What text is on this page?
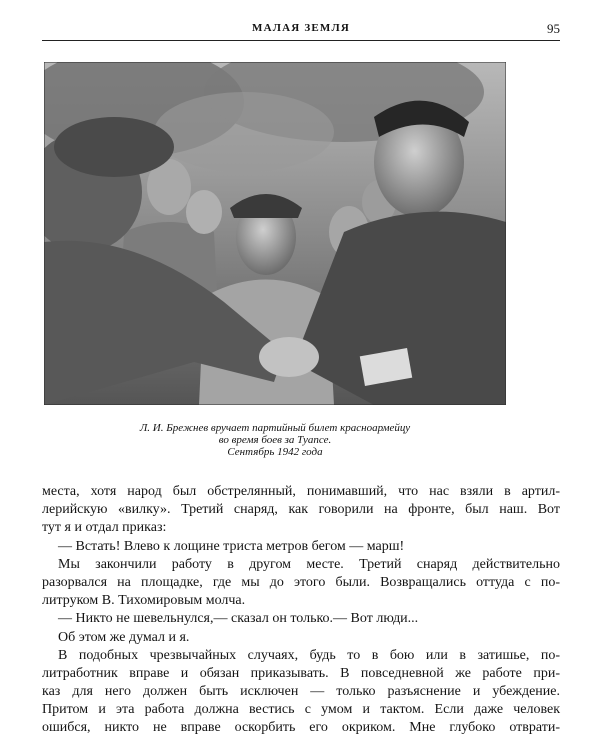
МАЛАЯ ЗЕМЛЯ	95
Л. И. Брежнев вручает партийный билет красноармейцу
во время боев за Туапсе.
Сентябрь 1942 года
места, хотя народ был обстрелянный, понимавший, что нас взяли в артил-
лерийскую «вилку». Третий снаряд, как говорили на фронте, был наш. Вот
тут я и отдал приказ:
— Встать! Влево к лощине триста метров бегом — марш!
Мы закончили работу в другом месте. Третий снаряд действительно
разорвался на площадке, где мы до этого были. Возвращались оттуда с по-
литруком В. Тихомировым молча.
— Никто не шевельнулся,— сказал он только.— Вот люди...
Об этом же думал и я.
В подобных чрезвычайных случаях, будь то в бою или в затишье, по-
литработник вправе и обязан приказывать. В повседневной же работе при-
каз для него должен быть исключен — только разъяснение и убеждение.
Притом и эта работа должна вестись с умом и тактом. Если даже человек
ошибся, никто не вправе оскорбить его окриком. Мне глубоко отврати-
